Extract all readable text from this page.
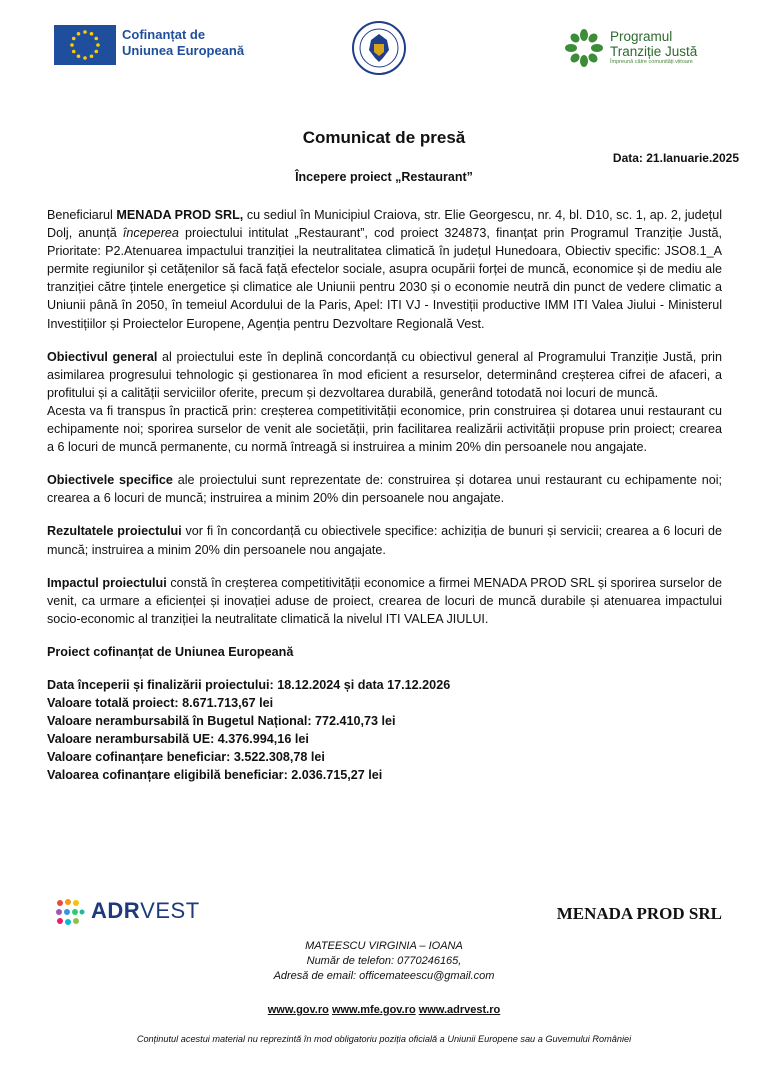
Cofinanțat de
Uniunea Europeană
Programul
Tranziție Justă
Împreună către comunități viitoare
Comunicat de presă
Data: 21.Ianuarie.2025
Începere proiect „Restaurant”

Beneficiarul MENADA PROD SRL, cu sediul în Municipiul Craiova, str. Elie Georgescu, nr. 4, bl. D10, sc. 1, ap. 2, județul Dolj, anunță începerea proiectului intitulat „Restaurant”, cod proiect 324873, finanțat prin Programul Tranziție Justă, Prioritate: P2.Atenuarea impactului tranziției la neutralitatea climatică în județul Hunedoara, Obiectiv specific: JSO8.1_A permite regiunilor și cetățenilor să facă față efectelor sociale, asupra ocupării forței de muncă, economice și de mediu ale tranziției către țintele energetice și climatice ale Uniunii pentru 2030 și o economie neutră din punct de vedere climatic a Uniunii până în 2050, în temeiul Acordului de la Paris, Apel: ITI VJ - Investiții productive IMM ITI Valea Jiului - Ministerul Investițiilor și Proiectelor Europene, Agenția pentru Dezvoltare Regională Vest.

Obiectivul general al proiectului este în deplină concordanță cu obiectivul general al Programului Tranziție Justă, prin asimilarea progresului tehnologic și gestionarea în mod eficient a resurselor, determinând creșterea cifrei de afaceri, a profitului și a calității serviciilor oferite, precum și dezvoltarea durabilă, generând totodată noi locuri de muncă.

Acesta va fi transpus în practică prin: creșterea competitivității economice, prin construirea și dotarea unui restaurant cu echipamente noi; sporirea surselor de venit ale societății, prin facilitarea realizării activității propuse prin proiect; crearea a 6 locuri de muncă permanente, cu normă întreagă si instruirea a minim 20% din persoanele nou angajate.

Obiectivele specifice ale proiectului sunt reprezentate de: construirea și dotarea unui restaurant cu echipamente noi; crearea a 6 locuri de muncă; instruirea a minim 20% din persoanele nou angajate.

Rezultatele proiectului vor fi în concordanță cu obiectivele specifice: achiziția de bunuri și servicii; crearea a 6 locuri de muncă; instruirea a minim 20% din persoanele nou angajate.

Impactul proiectului constă în creșterea competitivității economice a firmei MENADA PROD SRL și sporirea surselor de venit, ca urmare a eficienței și inovației aduse de proiect, crearea de locuri de muncă durabile și atenuarea impactului socio-economic al tranziției la neutralitate climatică la nivelul ITI VALEA JIULUI.

Proiect cofinanțat de Uniunea Europeană

Data începerii și finalizării proiectului: 18.12.2024 și data 17.12.2026
Valoare totală proiect: 8.671.713,67 lei
Valoare nerambursabilă în Bugetul Național: 772.410,73 lei
Valoare nerambursabilă UE: 4.376.994,16 lei
Valoare cofinanțare beneficiar: 3.522.308,78 lei
Valoarea cofinanțare eligibilă beneficiar: 2.036.715,27 lei
ADRVEST	MENADA PROD SRL
MATEESCU VIRGINIA – IOANA
Număr de telefon: 0770246165,
Adresă de email: officemateescu@gmail.com
www.gov.ro www.mfe.gov.ro www.adrvest.ro
Conținutul acestui material nu reprezintă în mod obligatoriu poziția oficială a Uniunii Europene sau a Guvernului României
